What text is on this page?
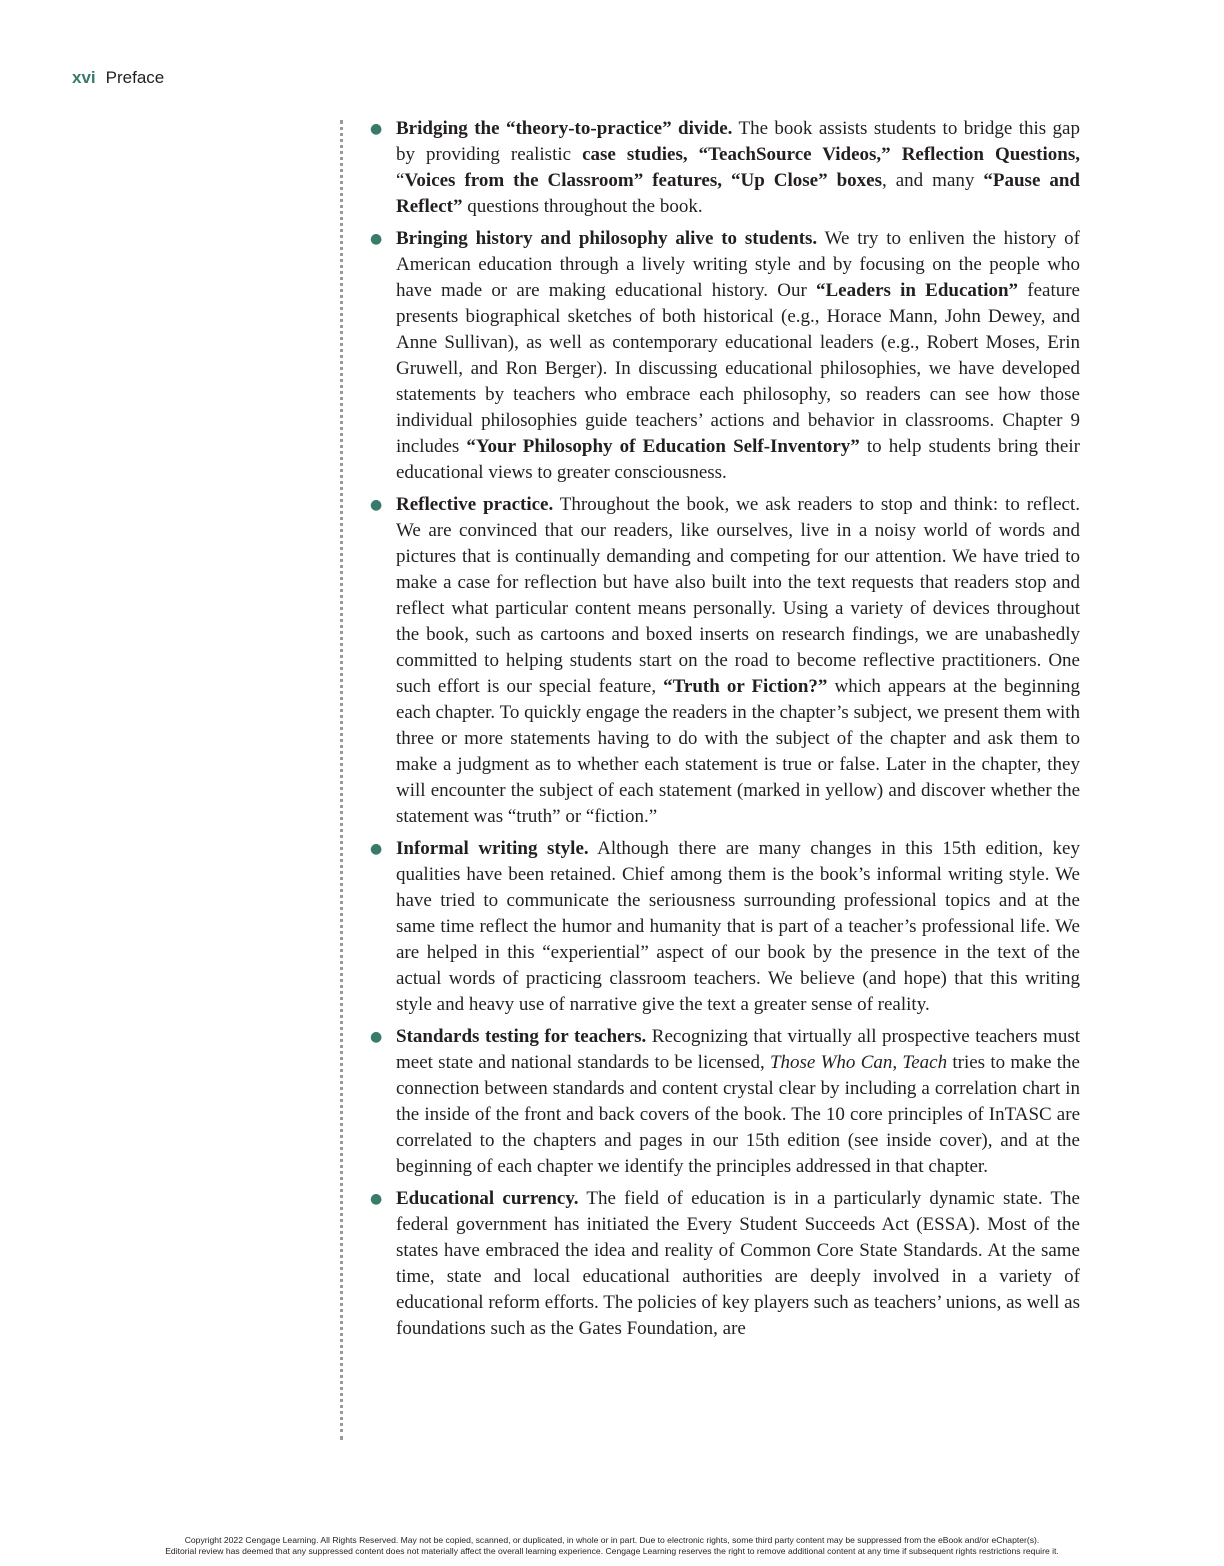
xvi Preface
● Bridging the “theory-to-practice” divide. The book assists students to bridge this gap by providing realistic case studies, “TeachSource Videos,” Reflection Questions, “Voices from the Classroom” features, “Up Close” boxes, and many “Pause and Reflect” questions throughout the book.
● Bringing history and philosophy alive to students. We try to enliven the history of American education through a lively writing style and by focusing on the people who have made or are making educational history. Our “Leaders in Education” feature presents biographical sketches of both historical (e.g., Horace Mann, John Dewey, and Anne Sullivan), as well as contemporary educational leaders (e.g., Robert Moses, Erin Gruwell, and Ron Berger). In discussing educational philosophies, we have developed statements by teachers who embrace each philosophy, so readers can see how those individual philosophies guide teachers’ actions and behavior in classrooms. Chapter 9 includes “Your Philosophy of Education Self-Inventory” to help students bring their educational views to greater consciousness.
● Reflective practice. Throughout the book, we ask readers to stop and think: to reflect. We are convinced that our readers, like ourselves, live in a noisy world of words and pictures that is continually demanding and competing for our attention. We have tried to make a case for reflection but have also built into the text requests that readers stop and reflect what particular content means personally. Using a variety of devices throughout the book, such as cartoons and boxed inserts on research findings, we are unabashedly committed to helping students start on the road to become reflective practitioners. One such effort is our special feature, “Truth or Fiction?” which appears at the beginning each chapter. To quickly engage the readers in the chapter’s subject, we present them with three or more statements having to do with the subject of the chapter and ask them to make a judgment as to whether each statement is true or false. Later in the chapter, they will encounter the subject of each statement (marked in yellow) and discover whether the statement was “truth” or “fiction.”
● Informal writing style. Although there are many changes in this 15th edition, key qualities have been retained. Chief among them is the book’s informal writing style. We have tried to communicate the seriousness surrounding professional topics and at the same time reflect the humor and humanity that is part of a teacher’s professional life. We are helped in this “experiential” aspect of our book by the presence in the text of the actual words of practicing classroom teachers. We believe (and hope) that this writing style and heavy use of narrative give the text a greater sense of reality.
● Standards testing for teachers. Recognizing that virtually all prospective teachers must meet state and national standards to be licensed, Those Who Can, Teach tries to make the connection between standards and content crystal clear by including a correlation chart in the inside of the front and back covers of the book. The 10 core principles of InTASC are correlated to the chapters and pages in our 15th edition (see inside cover), and at the beginning of each chapter we identify the principles addressed in that chapter.
● Educational currency. The field of education is in a particularly dynamic state. The federal government has initiated the Every Student Succeeds Act (ESSA). Most of the states have embraced the idea and reality of Common Core State Standards. At the same time, state and local educational authorities are deeply involved in a variety of educational reform efforts. The policies of key players such as teachers’ unions, as well as foundations such as the Gates Foundation, are
Copyright 2022 Cengage Learning. All Rights Reserved. May not be copied, scanned, or duplicated, in whole or in part. Due to electronic rights, some third party content may be suppressed from the eBook and/or eChapter(s).
Editorial review has deemed that any suppressed content does not materially affect the overall learning experience. Cengage Learning reserves the right to remove additional content at any time if subsequent rights restrictions require it.
